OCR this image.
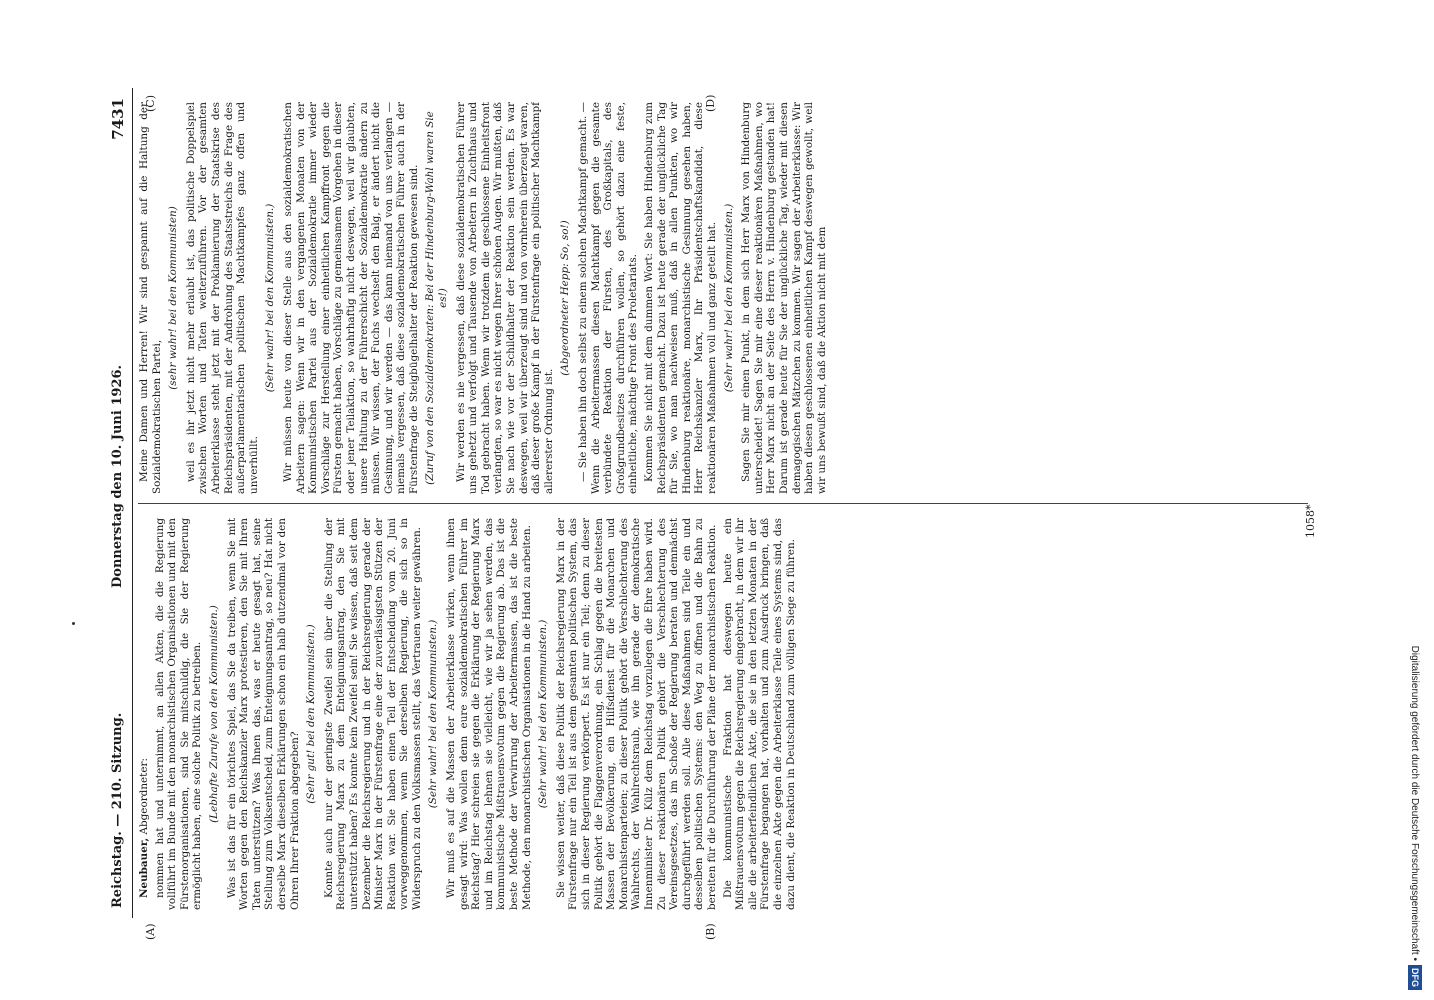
Reichstag. — 210. Sitzung.
Donnerstag den 10. Juni 1926.
7431

Neubauer, Abgeordneter: nommen hat und unternimmt, an allen Akten, die die Regierung vollführt im Bunde mit den monarchistischen Organisationen und mit den Fürstenorganisationen, sind Sie mitschuldig, die Sie der Regierung ermöglicht haben, eine solche Politik zu betreiben. (Lebhafte Zurufe von den Kommunisten.) Was ist das für ein törichtes Spiel, das Sie da treiben, wenn Sie mit Worten gegen den Reichskanzler Marx protestieren, den Sie mit Ihren Taten unterstützen? Was Ihnen das, was er heute gesagt hat, seine Stellung zum Volksentscheid, zum Enteignungsantrag, so neu? Hat nicht derselbe Marx dieselben Erklärungen schon ein halb dutzendmal vor den Ohren Ihrer Fraktion abgegeben?

(Sehr gut! bei den Kommunisten.) Konnte auch nur der geringste Zweifel sein über die Stellung der Reichsregierung Marx zu dem Enteignungsantrag, den Sie mit unterstützt haben? Es konnte kein Zweifel sein! Sie wissen, daß seit dem Dezember die Reichsregierung und in der Reichsregierung gerade der Minister Marx in der Fürstenfrage eine der zuverlässigsten Stützen der Reaktion war. Sie haben einen Teil der Entscheidung vom 20. Juni vorweggenommen, wenn Sie derselben Regierung, die sich so in Widerspruch zu den Volksmassen stellt, das Vertrauen weiter gewähren. (Sehr wahr! bei den Kommunisten.) Wir muß es auf die Massen der Arbeiterklasse wirken, wenn ihnen gesagt wird: Was wollen denn eure sozialdemokratischen Führer im Reichstag? Hier schreien sie gegen die Erklärung der Regierung Marx und im Reichstag lehnen sie vielleicht, wie wir ja sehen werden, das kommunistische Mißtrauensvotum gegen die Regierung ab. Das ist die beste Methode der Verwirrung der Arbeitermassen, das ist die beste Methode, den monarchistischen Organisationen in die Hand zu arbeiten. (Sehr wahr! bei den Kommunisten.) Sie wissen weiter, daß diese Politik der Reichsregierung Marx in der Fürstenfrage nur ein Teil ist aus dem gesamten politischen System, das sich in dieser Regierung verkörpert. Es ist nur ein Teil; denn zu dieser Politik gehört die Flaggenverordnung, ein Schlag gegen die breitesten Massen der Bevölkerung, ein Hilfsdienst für die Monarchen und Monarchistenparteien; zu dieser Politik gehört die Verschlechterung des Wahlrechts, der Wahlrechtsraub, wie ihn gerade der demokratische Innenminister Dr. Külz dem Reichstag vorzulegen die Ehre haben wird. Zu dieser reaktionären Politik gehört die Verschlechterung des Vereinsgesetzes, das im Schoße der Regierung beraten und demnächst durchgeführt werden soll. Alle diese Maßnahmen sind Teile ein und desselben politischen Systems: den Weg zu öffnen und die Bahn zu bereiten für die Durchführung der Pläne der monarchistischen Reaktion. Die kommunistische Fraktion hat deswegen heute ein Mißtrauensvotum gegen die Reichsregierung eingebracht, in dem wir ihr alle die arbeiterfeindlichen Akte, die sie in den letzten Monaten in der Fürstenfrage begangen hat, vorhalten und zum Ausdruck bringen, daß die einzelnen Akte gegen die Arbeiterklasse Teile eines Systems sind, das dazu dient, die Reaktion in Deutschland zum völligen Siege zu führen.

Meine Damen und Herren! Wir sind gespannt auf die Haltung der Sozialdemokratischen Partei,

(sehr wahr! bei den Kommunisten) weil es ihr jetzt nicht mehr erlaubt ist, das politische Doppelspiel zwischen Worten und Taten weiterzuführen. Vor der gesamten Arbeiterklasse steht jetzt mit der Proklamierung der Staatskrise des Reichspräsidenten, mit der Androhung des Staatsstreichs die Frage des außerparlamentarischen politischen Machtkampfes ganz offen und unverhüllt.

(Sehr wahr! bei den Kommunisten.) Wir müssen heute von dieser Stelle aus den sozialdemokratischen Arbeitern sagen: Wenn wir in den vergangenen Monaten von der Kommunistischen Partei aus der Sozialdemokratie immer wieder Vorschläge zur Herstellung einer einheitlichen Kampffront gegen die Fürsten gemacht haben, Vorschläge zu gemeinsamem Vorgehen in dieser oder jener Teilaktion, so wahrhaftig nicht deswegen, weil wir glaubten, unsere Haltung zu der Führerschicht der Sozialdemokratie ändern zu müssen. Wir wissen, der Fuchs wechselt den Balg, er ändert nicht die Gesinnung, und wir werden — das kann niemand von uns verlangen — niemals vergessen, daß diese sozialdemokratischen Führer auch in der Fürstenfrage die Steigbügelhalter der Reaktion gewesen sind. (Zuruf von den Sozialdemokraten: Bei der Hindenburg-Wahl waren Sie es!) Wir werden es nie vergessen, daß diese sozialdemokratischen Führer uns gehetzt und verfolgt und Tausende von Arbeitern in Zuchthaus und Tod gebracht haben. Wenn wir trotzdem die geschlossene Einheitsfront verlangten, so war es nicht wegen Ihrer schönen Augen. Wir mußten, daß Sie nach wie vor der Schildhalter der Reaktion sein werden. Es war deswegen, weil wir überzeugt sind und von vornherein überzeugt waren, daß dieser große Kampf in der Fürstenfrage ein politischer Machtkampf allererster Ordnung ist.

(Abgeordneter Hepp: So, so!) — Sie haben ihn doch selbst zu einem solchen Machtkampf gemacht. — Wenn die Arbeitermassen diesen Machtkampf gegen die gesamte verbündete Reaktion der Fürsten, des Großkapitals, des Großgrundbesitzes durchführen wollen, so gehört dazu eine feste, einheitliche, mächtige Front des Proletariats. Kommen Sie nicht mit dem dummen Wort: Sie haben Hindenburg zum Reichspräsidenten gemacht. Dazu ist heute gerade der unglückliche Tag für Sie, wo man nachweisen muß, daß in allen Punkten, wo wir Hindenburg reaktionäre, monarchistische Gesinnung gesehen haben, Herr Reichskanzler Marx, Ihr Präsidentschaftskandidat, diese reaktionären Maßnahmen voll und ganz geteilt hat. (Sehr wahr! bei den Kommunisten.) Sagen Sie mir einen Punkt, in dem sich Herr Marx von Hindenburg unterscheidet! Sagen Sie mir eine dieser reaktionären Maßnahmen, wo Herr Marx nicht an der Seite des Herrn v. Hindenburg gestanden hat! Darum ist gerade heute für Sie der unglückliche Tag, wieder mit diesen demagogischen Mätzchen zu kommen. Wir sagen der Arbeiterklasse: Wir haben diesen geschlossenen einheitlichen Kampf deswegen gewollt, weil wir uns bewußt sind, daß die Aktion nicht mit dem

(A)	(B)
(C)	(D)
1058*
Digitalisierung gefördert durch die Deutsche Forschungsgemeinschaft •DFG
